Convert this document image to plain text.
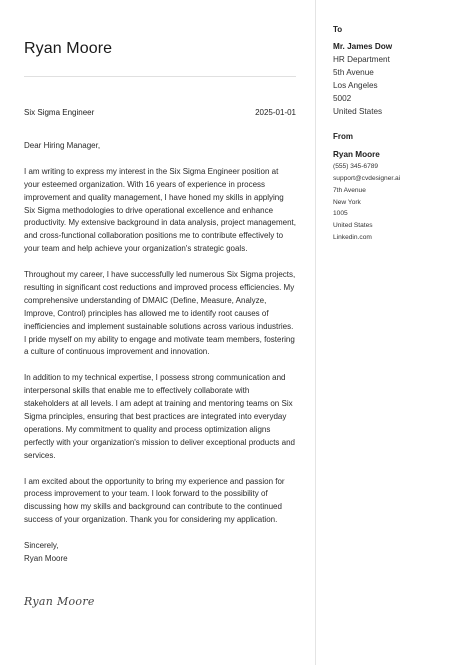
Ryan Moore
Six Sigma Engineer	2025-01-01

Dear Hiring Manager,

I am writing to express my interest in the Six Sigma Engineer position at your esteemed organization. With 16 years of experience in process improvement and quality management, I have honed my skills in applying Six Sigma methodologies to drive operational excellence and enhance productivity. My extensive background in data analysis, project management, and cross-functional collaboration positions me to contribute effectively to your team and help achieve your organization's strategic goals.

Throughout my career, I have successfully led numerous Six Sigma projects, resulting in significant cost reductions and improved process efficiencies. My comprehensive understanding of DMAIC (Define, Measure, Analyze, Improve, Control) principles has allowed me to identify root causes of inefficiencies and implement sustainable solutions across various industries. I pride myself on my ability to engage and motivate team members, fostering a culture of continuous improvement and innovation.

In addition to my technical expertise, I possess strong communication and interpersonal skills that enable me to effectively collaborate with stakeholders at all levels. I am adept at training and mentoring teams on Six Sigma principles, ensuring that best practices are integrated into everyday operations. My commitment to quality and process optimization aligns perfectly with your organization's mission to deliver exceptional products and services.

I am excited about the opportunity to bring my experience and passion for process improvement to your team. I look forward to the possibility of discussing how my skills and background can contribute to the continued success of your organization. Thank you for considering my application.

Sincerely,
Ryan Moore
Ryan Moore
To
Mr. James Dow
HR Department
5th Avenue
Los Angeles
5002
United States
From
Ryan Moore
(555) 345-6789
support@cvdesigner.ai
7th Avenue
New York
1005
United States
Linkedin.com
